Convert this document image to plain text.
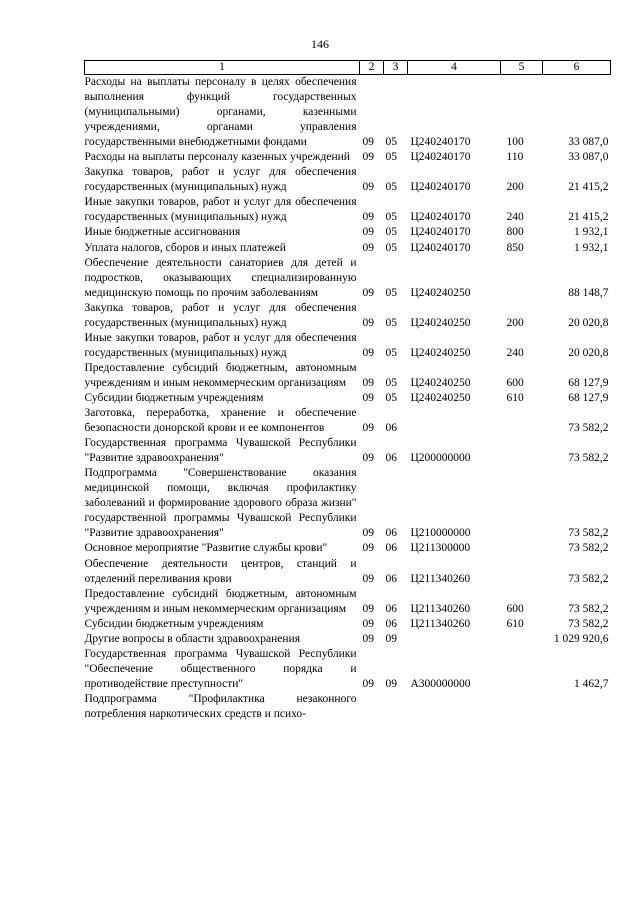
146
1	2	3	4	5	6
Расходы на выплаты персоналу в целях обеспечения выполнения функций государственных (муниципальными) органами, казенными учреждениями, органами управления государственными внебюджетными фондами	09	05	Ц240240170	100	33 087,0
Расходы на выплаты персоналу казенных учреждений	09	05	Ц240240170	110	33 087,0
Закупка товаров, работ и услуг для обеспечения государственных (муниципальных) нужд	09	05	Ц240240170	200	21 415,2
Иные закупки товаров, работ и услуг для обеспечения государственных (муниципальных) нужд	09	05	Ц240240170	240	21 415,2
Иные бюджетные ассигнования	09	05	Ц240240170	800	1 932,1
Уплата налогов, сборов и иных платежей	09	05	Ц240240170	850	1 932,1
Обеспечение деятельности санаториев для детей и подростков, оказывающих специализированную медицинскую помощь по прочим заболеваниям	09	05	Ц240240250		88 148,7
Закупка товаров, работ и услуг для обеспечения государственных (муниципальных) нужд	09	05	Ц240240250	200	20 020,8
Иные закупки товаров, работ и услуг для обеспечения государственных (муниципальных) нужд	09	05	Ц240240250	240	20 020,8
Предоставление субсидий бюджетным, автономным учреждениям и иным некоммерческим организациям	09	05	Ц240240250	600	68 127,9
Субсидии бюджетным учреждениям	09	05	Ц240240250	610	68 127,9
Заготовка, переработка, хранение и обеспечение безопасности донорской крови и ее компонентов	09	06			73 582,2
Государственная программа Чувашской Республики "Развитие здравоохранения"	09	06	Ц200000000		73 582,2
Подпрограмма "Совершенствование оказания медицинской помощи, включая профилактику заболеваний и формирование здорового образа жизни" государственной программы Чувашской Республики "Развитие здравоохранения"	09	06	Ц210000000		73 582,2
Основное мероприятие "Развитие службы крови"	09	06	Ц211300000		73 582,2
Обеспечение деятельности центров, станций и отделений переливания крови	09	06	Ц211340260		73 582,2
Предоставление субсидий бюджетным, автономным учреждениям и иным некоммерческим организациям	09	06	Ц211340260	600	73 582,2
Субсидии бюджетным учреждениям	09	06	Ц211340260	610	73 582,2
Другие вопросы в области здравоохранения	09	09			1 029 920,6
Государственная программа Чувашской Республики "Обеспечение общественного порядка и противодействие преступности"	09	09	А300000000		1 462,7
Подпрограмма "Профилактика незаконного потребления наркотических средств и психо-					
